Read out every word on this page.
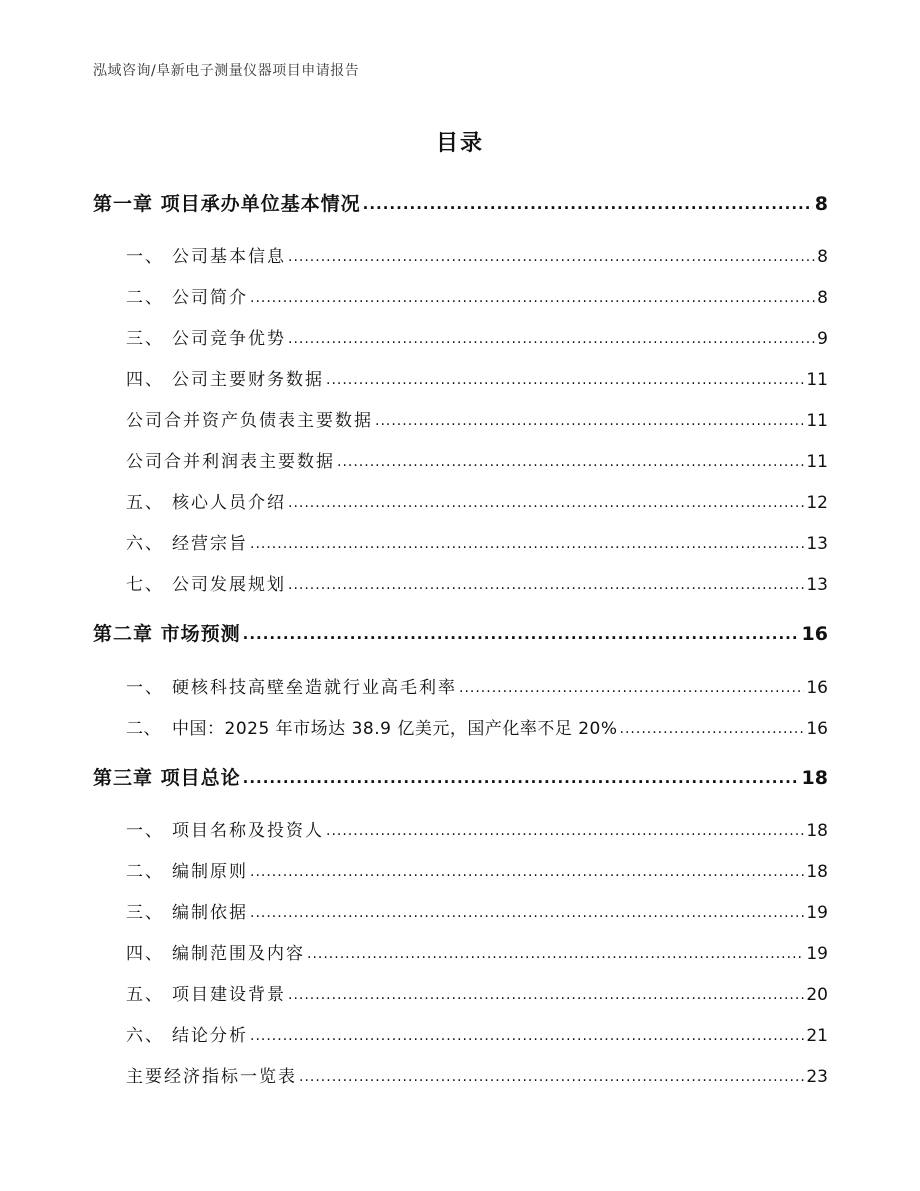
泓域咨询/阜新电子测量仪器项目申请报告
目录
第一章 项目承办单位基本情况 .....	8
一、 公司基本信息 .....	8
二、 公司简介 .....	8
三、 公司竞争优势 .....	9
四、 公司主要财务数据 .....	11
公司合并资产负债表主要数据 .....	11
公司合并利润表主要数据 .....	11
五、 核心人员介绍 .....	12
六、 经营宗旨 .....	13
七、 公司发展规划 .....	13
第二章 市场预测 .....	16
一、 硬核科技高壁垒造就行业高毛利率 .....	16
二、 中国：2025 年市场达 38.9 亿美元，国产化率不足 20% .....	16
第三章 项目总论 .....	18
一、 项目名称及投资人 .....	18
二、 编制原则 .....	18
三、 编制依据 .....	19
四、 编制范围及内容 .....	19
五、 项目建设背景 .....	20
六、 结论分析 .....	21
主要经济指标一览表 .....	23
